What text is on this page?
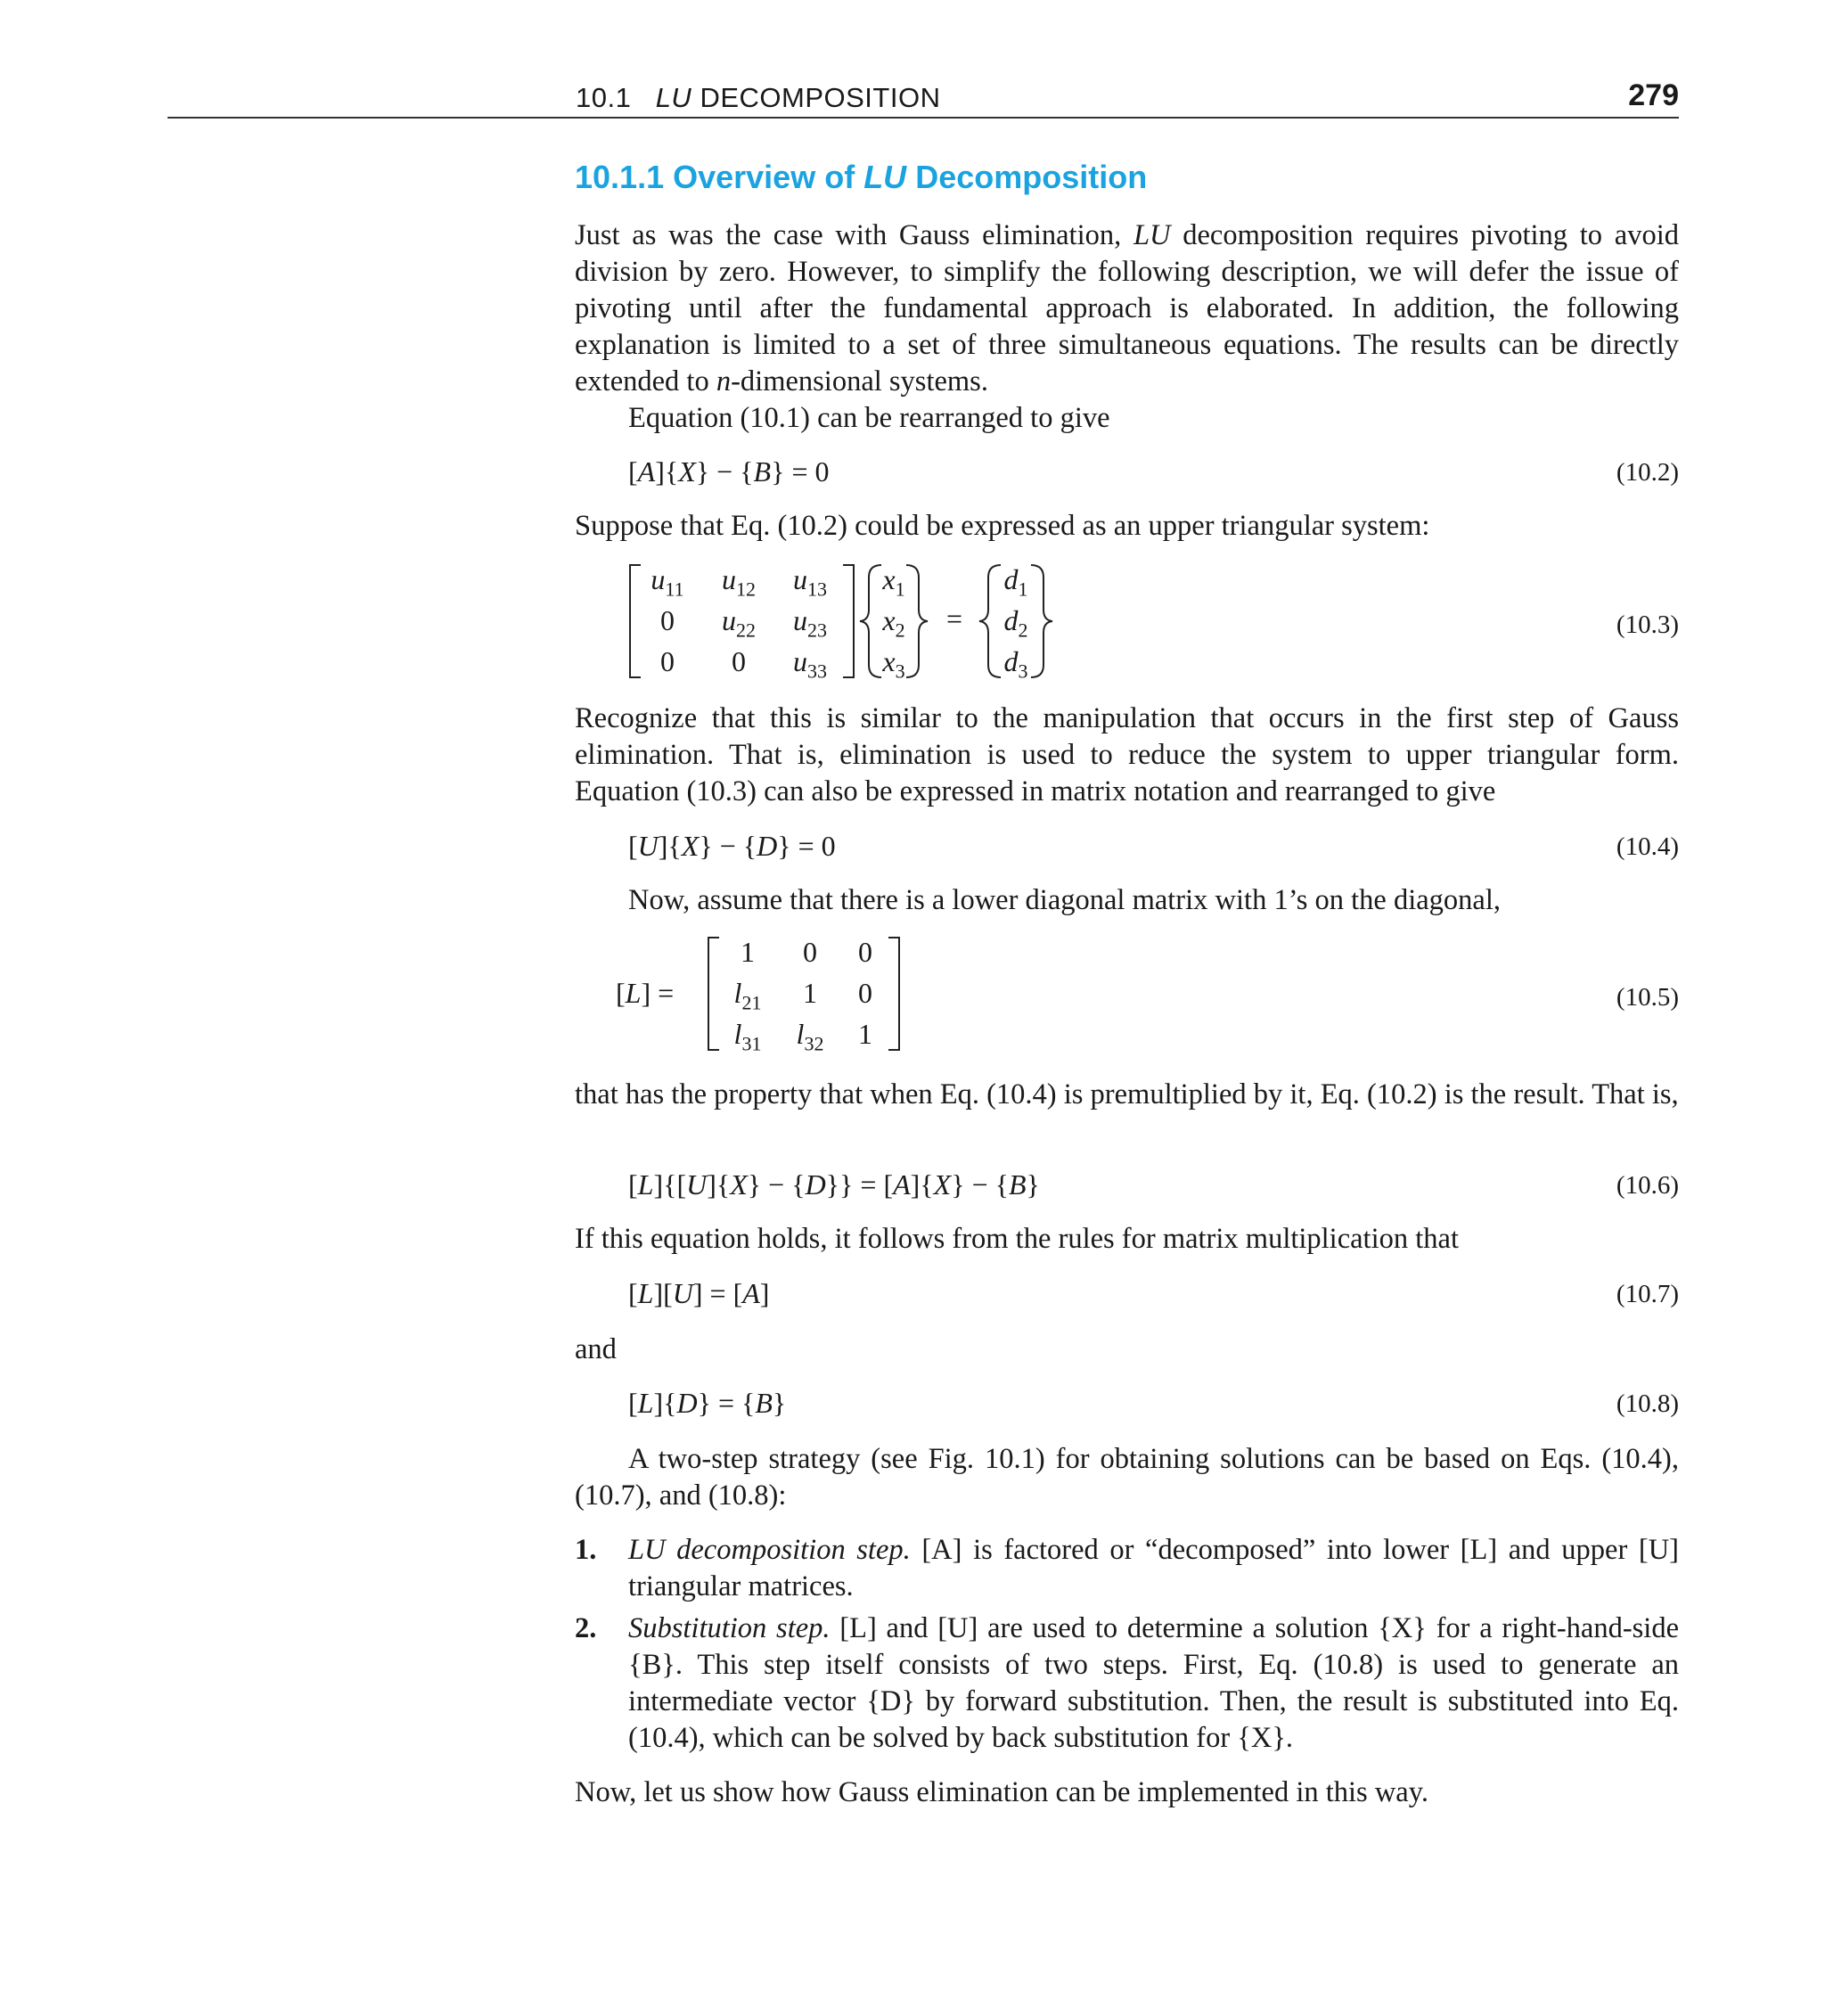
10.1 LU DECOMPOSITION	279
10.1.1 Overview of LU Decomposition
Just as was the case with Gauss elimination, LU decomposition requires pivoting to avoid division by zero. However, to simplify the following description, we will defer the issue of pivoting until after the fundamental approach is elaborated. In addition, the following explanation is limited to a set of three simultaneous equations. The results can be directly extended to n-dimensional systems.
Equation (10.1) can be rearranged to give
[A]{X} − {B} = 0	(10.2)
Suppose that Eq. (10.2) could be expressed as an upper triangular system:
$u_{11}$	$u_{12}$	$u_{13}$
0	$u_{22}$	$u_{23}$
0	0	$u_{33}$
$x_1$
$x_2$
$x_3$
=
$d_1$
$d_2$
$d_3$
(10.3)
Recognize that this is similar to the manipulation that occurs in the first step of Gauss elimination. That is, elimination is used to reduce the system to upper triangular form. Equation (10.3) can also be expressed in matrix notation and rearranged to give
[U]{X} − {D} = 0	(10.4)
Now, assume that there is a lower diagonal matrix with 1’s on the diagonal,
[L] =
1	0	0
$l_{21}$	1	0
$l_{31}$	$l_{32}$	1
(10.5)
that has the property that when Eq. (10.4) is premultiplied by it, Eq. (10.2) is the result. That is,
[L]{[U]{X} − {D}} = [A]{X} − {B}	(10.6)
If this equation holds, it follows from the rules for matrix multiplication that
[L][U] = [A]	(10.7)
and
[L]{D} = {B}	(10.8)
A two-step strategy (see Fig. 10.1) for obtaining solutions can be based on Eqs. (10.4), (10.7), and (10.8):
1. LU decomposition step. [A] is factored or “decomposed” into lower [L] and upper [U] triangular matrices.
2. Substitution step. [L] and [U] are used to determine a solution {X} for a right-hand-side {B}. This step itself consists of two steps. First, Eq. (10.8) is used to generate an intermediate vector {D} by forward substitution. Then, the result is substituted into Eq. (10.4), which can be solved by back substitution for {X}.
Now, let us show how Gauss elimination can be implemented in this way.
